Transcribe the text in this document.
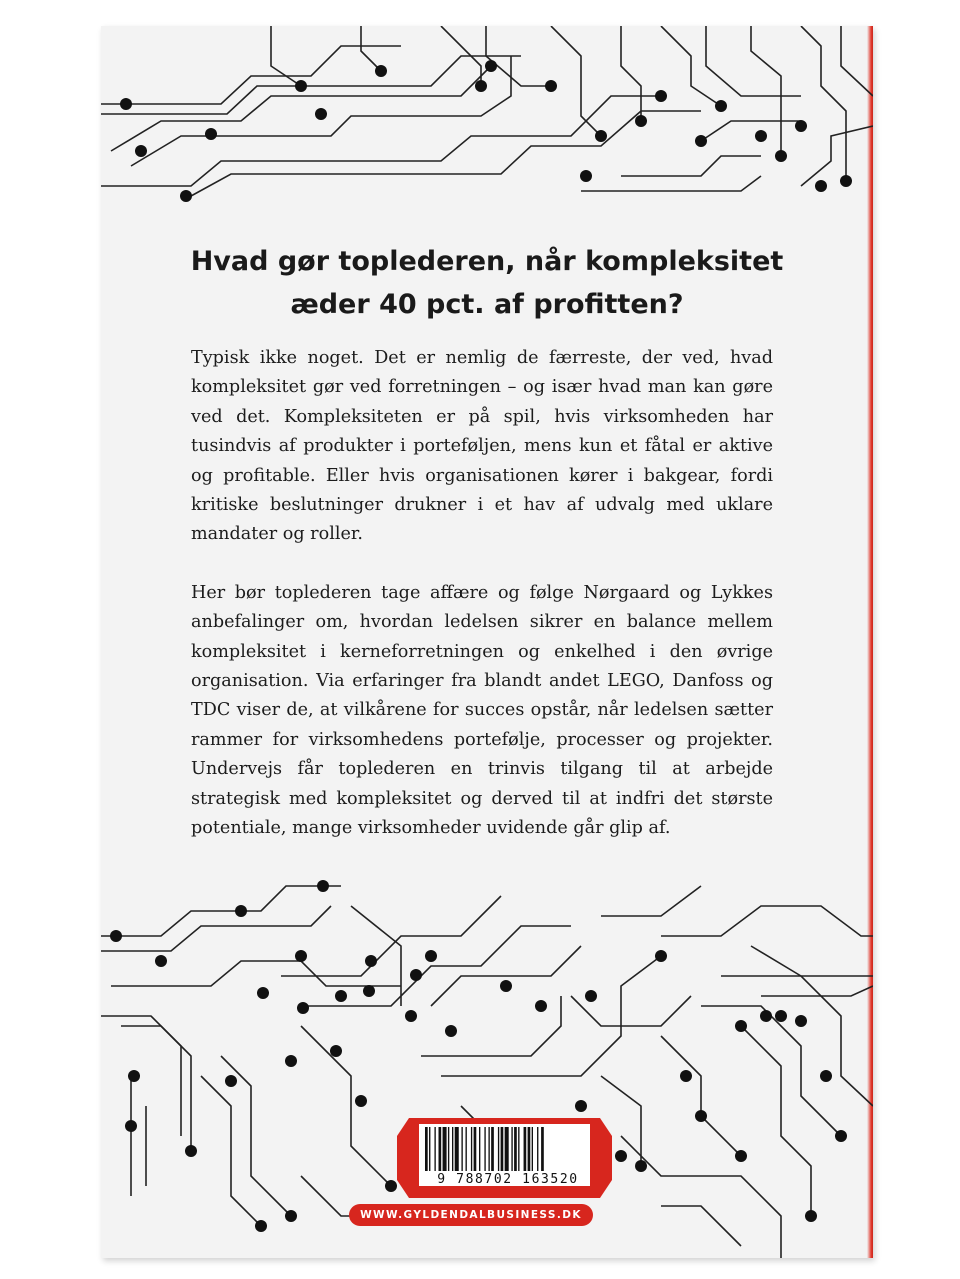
Hvad gør toplederen, når kompleksitet
æder 40 pct. af profitten?

Typisk ikke noget. Det er nemlig de færreste, der ved, hvad kompleksitet gør ved forretningen – og især hvad man kan gøre ved det. Kompleksiteten er på spil, hvis virksomheden har tusindvis af produkter i porteføljen, mens kun et fåtal er aktive og profitable. Eller hvis organisationen kører i bakgear, fordi kritiske beslutninger drukner i et hav af udvalg med uklare mandater og roller.

Her bør toplederen tage affære og følge Nørgaard og Lykkes anbefalinger om, hvordan ledelsen sikrer en balance mellem kompleksitet i kerneforretningen og enkelhed i den øvrige organisation. Via erfaringer fra blandt andet LEGO, Danfoss og TDC viser de, at vilkårene for succes opstår, når ledelsen sætter rammer for virksomhedens portefølje, processer og projekter. Undervejs får toplederen en trinvis tilgang til at arbejde strategisk med kompleksitet og derved til at indfri det største potentiale, mange virksomheder uvidende går glip af.

9 788702 163520
WWW.GYLDENDALBUSINESS.DK
